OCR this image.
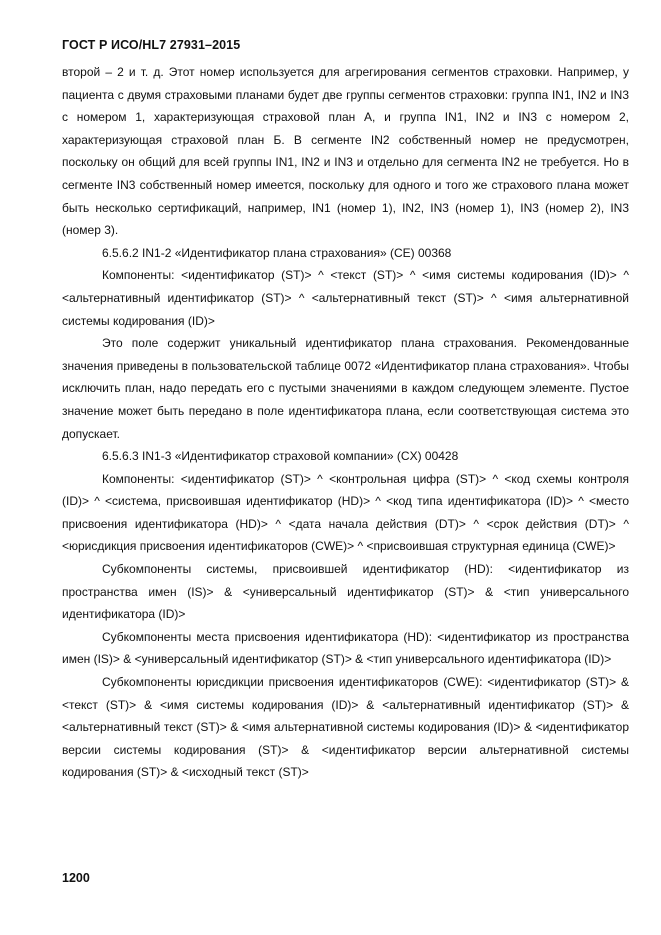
ГОСТ Р ИСО/HL7 27931–2015

второй – 2 и т. д. Этот номер используется для агрегирования сегментов страховки. Например, у пациента с двумя страховыми планами будет две группы сегментов страховки: группа IN1, IN2 и IN3 с номером 1, характеризующая страховой план А, и группа IN1, IN2 и IN3 с номером 2, характеризующая страховой план Б. В сегменте IN2 собственный номер не предусмотрен, поскольку он общий для всей группы IN1, IN2 и IN3 и отдельно для сегмента IN2 не требуется. Но в сегменте IN3 собственный номер имеется, поскольку для одного и того же страхового плана может быть несколько сертификаций, например, IN1 (номер 1), IN2, IN3 (номер 1), IN3 (номер 2), IN3 (номер 3).

6.5.6.2 IN1-2 «Идентификатор плана страхования» (CE) 00368

Компоненты: <идентификатор (ST)> ^ <текст (ST)> ^ <имя системы кодирования (ID)> ^ <альтернативный идентификатор (ST)> ^ <альтернативный текст (ST)> ^ <имя альтернативной системы кодирования (ID)>

Это поле содержит уникальный идентификатор плана страхования. Рекомендованные значения приведены в пользовательской таблице 0072 «Идентификатор плана страхования». Чтобы исключить план, надо передать его с пустыми значениями в каждом следующем элементе. Пустое значение может быть передано в поле идентификатора плана, если соответствующая система это допускает.

6.5.6.3 IN1-3 «Идентификатор страховой компании» (CX) 00428

Компоненты: <идентификатор (ST)> ^ <контрольная цифра (ST)> ^ <код схемы контроля (ID)> ^ <система, присвоившая идентификатор (HD)> ^ <код типа идентификатора (ID)> ^ <место присвоения идентификатора (HD)> ^ <дата начала действия (DT)> ^ <срок действия (DT)> ^ <юрисдикция присвоения идентификаторов (CWE)> ^ <присвоившая структурная единица (CWE)>

Субкомпоненты системы, присвоившей идентификатор (HD): <идентификатор из пространства имен (IS)> & <универсальный идентификатор (ST)> & <тип универсального идентификатора (ID)>

Субкомпоненты места присвоения идентификатора (HD): <идентификатор из пространства имен (IS)> & <универсальный идентификатор (ST)> & <тип универсального идентификатора (ID)>

Субкомпоненты юрисдикции присвоения идентификаторов (CWE): <идентификатор (ST)> & <текст (ST)> & <имя системы кодирования (ID)> & <альтернативный идентификатор (ST)> & <альтернативный текст (ST)> & <имя альтернативной системы кодирования (ID)> & <идентификатор версии системы кодирования (ST)> & <идентификатор версии альтернативной системы кодирования (ST)> & <исходный текст (ST)>

1200
